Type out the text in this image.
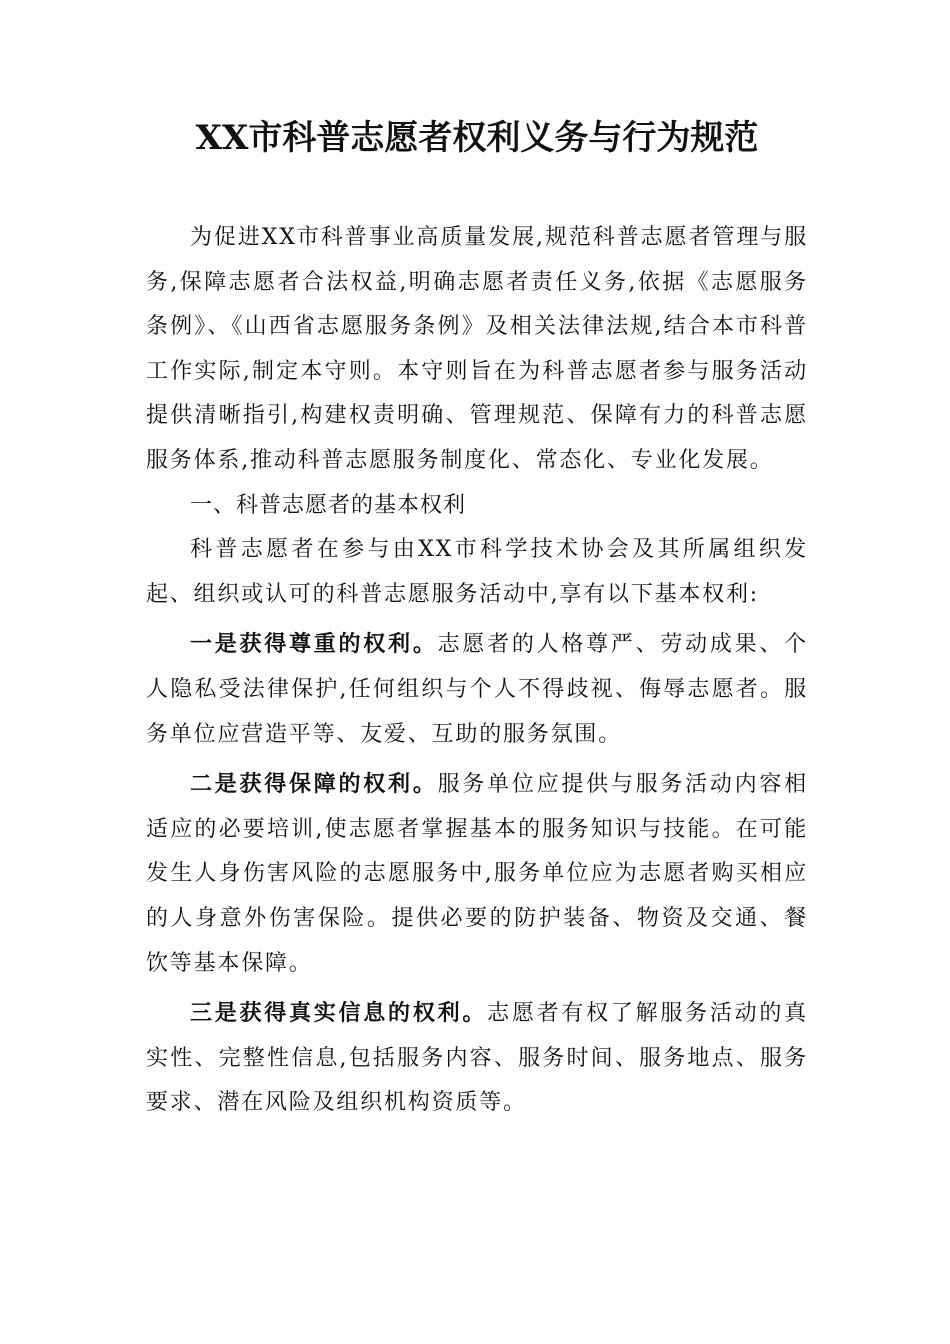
XX市科普志愿者权利义务与行为规范

为促进XX市科普事业高质量发展,规范科普志愿者管理与服务,保障志愿者合法权益,明确志愿者责任义务,依据《志愿服务条例》、《山西省志愿服务条例》及相关法律法规,结合本市科普工作实际,制定本守则。本守则旨在为科普志愿者参与服务活动提供清晰指引,构建权责明确、管理规范、保障有力的科普志愿服务体系,推动科普志愿服务制度化、常态化、专业化发展。

一、科普志愿者的基本权利

科普志愿者在参与由XX市科学技术协会及其所属组织发起、组织或认可的科普志愿服务活动中,享有以下基本权利:

一是获得尊重的权利。志愿者的人格尊严、劳动成果、个人隐私受法律保护,任何组织与个人不得歧视、侮辱志愿者。服务单位应营造平等、友爱、互助的服务氛围。

二是获得保障的权利。服务单位应提供与服务活动内容相适应的必要培训,使志愿者掌握基本的服务知识与技能。在可能发生人身伤害风险的志愿服务中,服务单位应为志愿者购买相应的人身意外伤害保险。提供必要的防护装备、物资及交通、餐饮等基本保障。

三是获得真实信息的权利。志愿者有权了解服务活动的真实性、完整性信息,包括服务内容、服务时间、服务地点、服务要求、潜在风险及组织机构资质等。
